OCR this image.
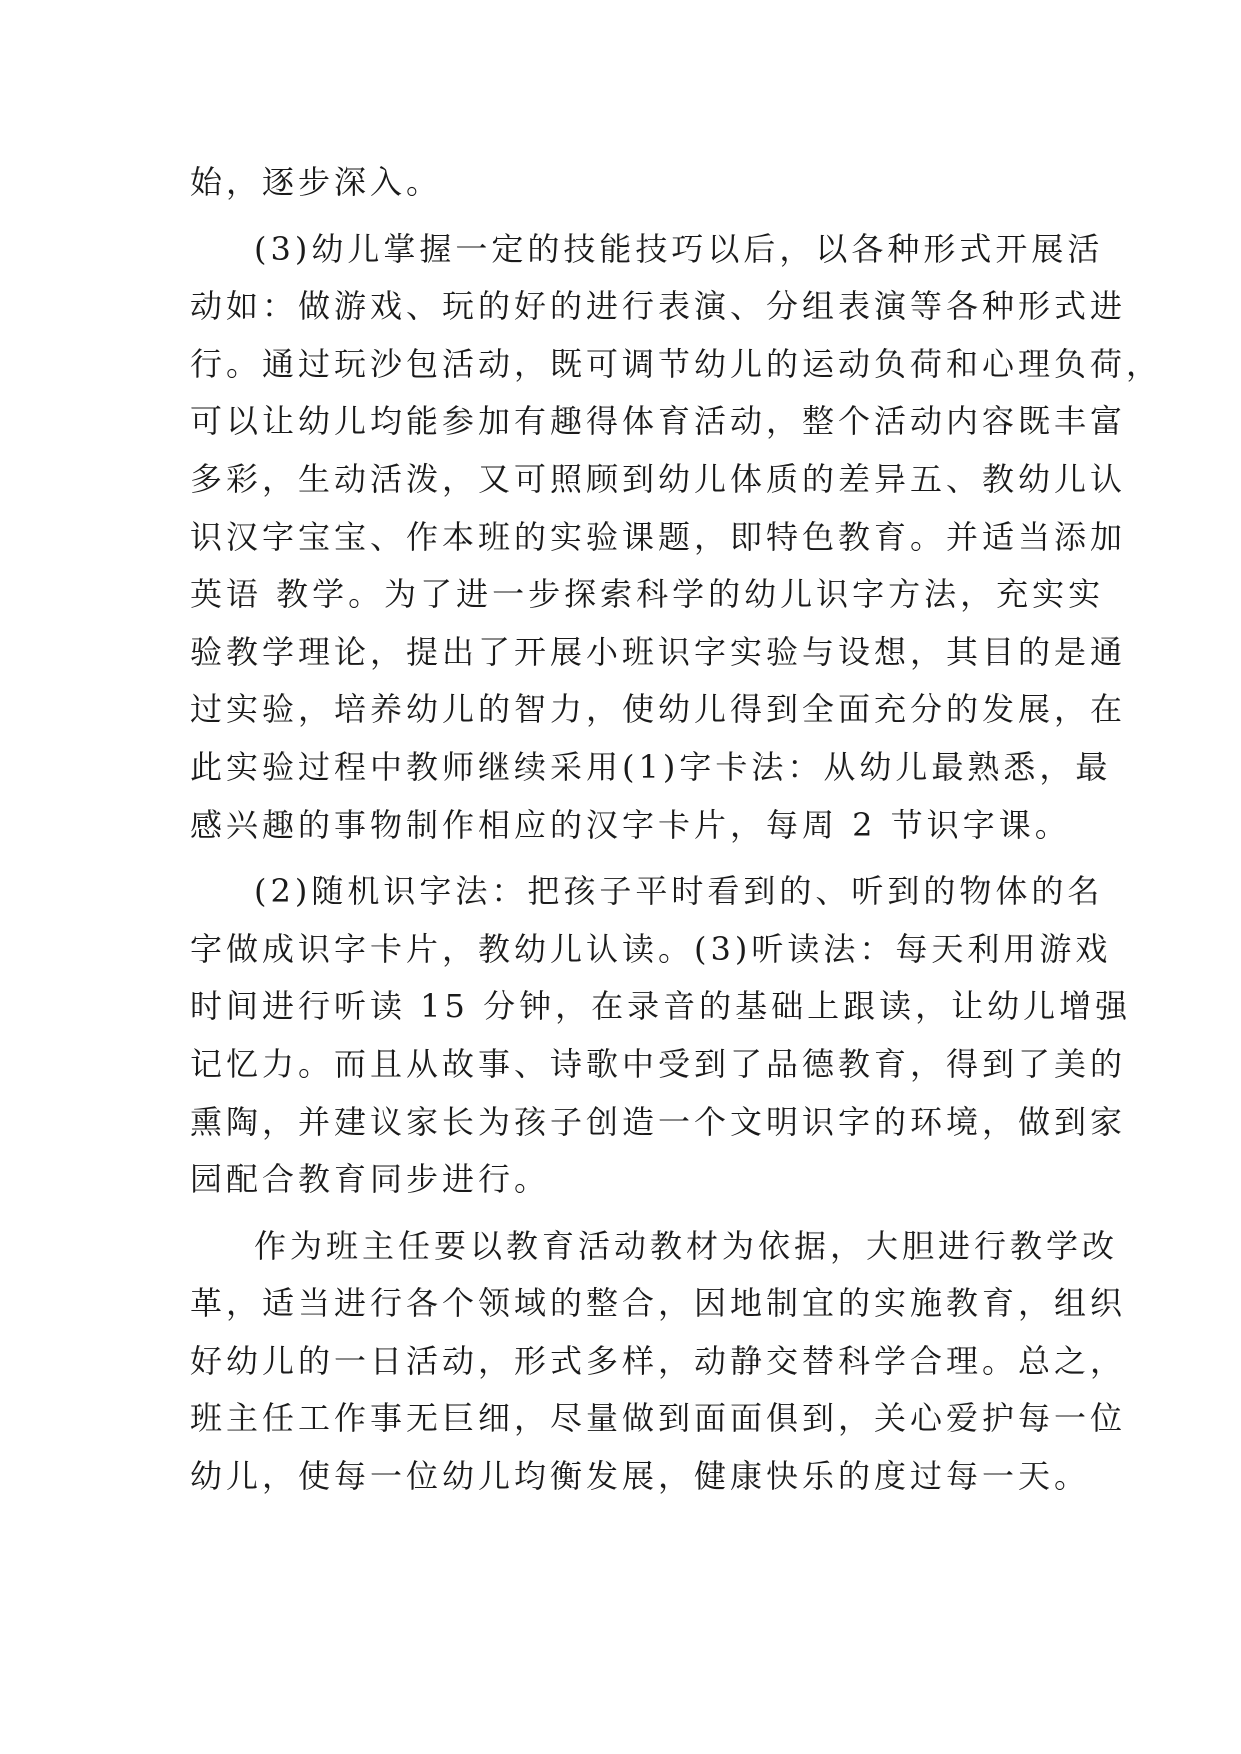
始，逐步深入。
(3)幼儿掌握一定的技能技巧以后，以各种形式开展活
动如：做游戏、玩的好的进行表演、分组表演等各种形式进
行。通过玩沙包活动，既可调节幼儿的运动负荷和心理负荷，
可以让幼儿均能参加有趣得体育活动，整个活动内容既丰富
多彩，生动活泼，又可照顾到幼儿体质的差异五、教幼儿认
识汉字宝宝、作本班的实验课题，即特色教育。并适当添加
英语 教学。为了进一步探索科学的幼儿识字方法，充实实
验教学理论，提出了开展小班识字实验与设想，其目的是通
过实验，培养幼儿的智力，使幼儿得到全面充分的发展，在
此实验过程中教师继续采用(1)字卡法：从幼儿最熟悉，最
感兴趣的事物制作相应的汉字卡片，每周 2 节识字课。
(2)随机识字法：把孩子平时看到的、听到的物体的名
字做成识字卡片，教幼儿认读。(3)听读法：每天利用游戏
时间进行听读 15 分钟，在录音的基础上跟读，让幼儿增强
记忆力。而且从故事、诗歌中受到了品德教育，得到了美的
熏陶，并建议家长为孩子创造一个文明识字的环境，做到家
园配合教育同步进行。
作为班主任要以教育活动教材为依据，大胆进行教学改
革，适当进行各个领域的整合，因地制宜的实施教育，组织
好幼儿的一日活动，形式多样，动静交替科学合理。总之，
班主任工作事无巨细，尽量做到面面俱到，关心爱护每一位
幼儿，使每一位幼儿均衡发展，健康快乐的度过每一天。
